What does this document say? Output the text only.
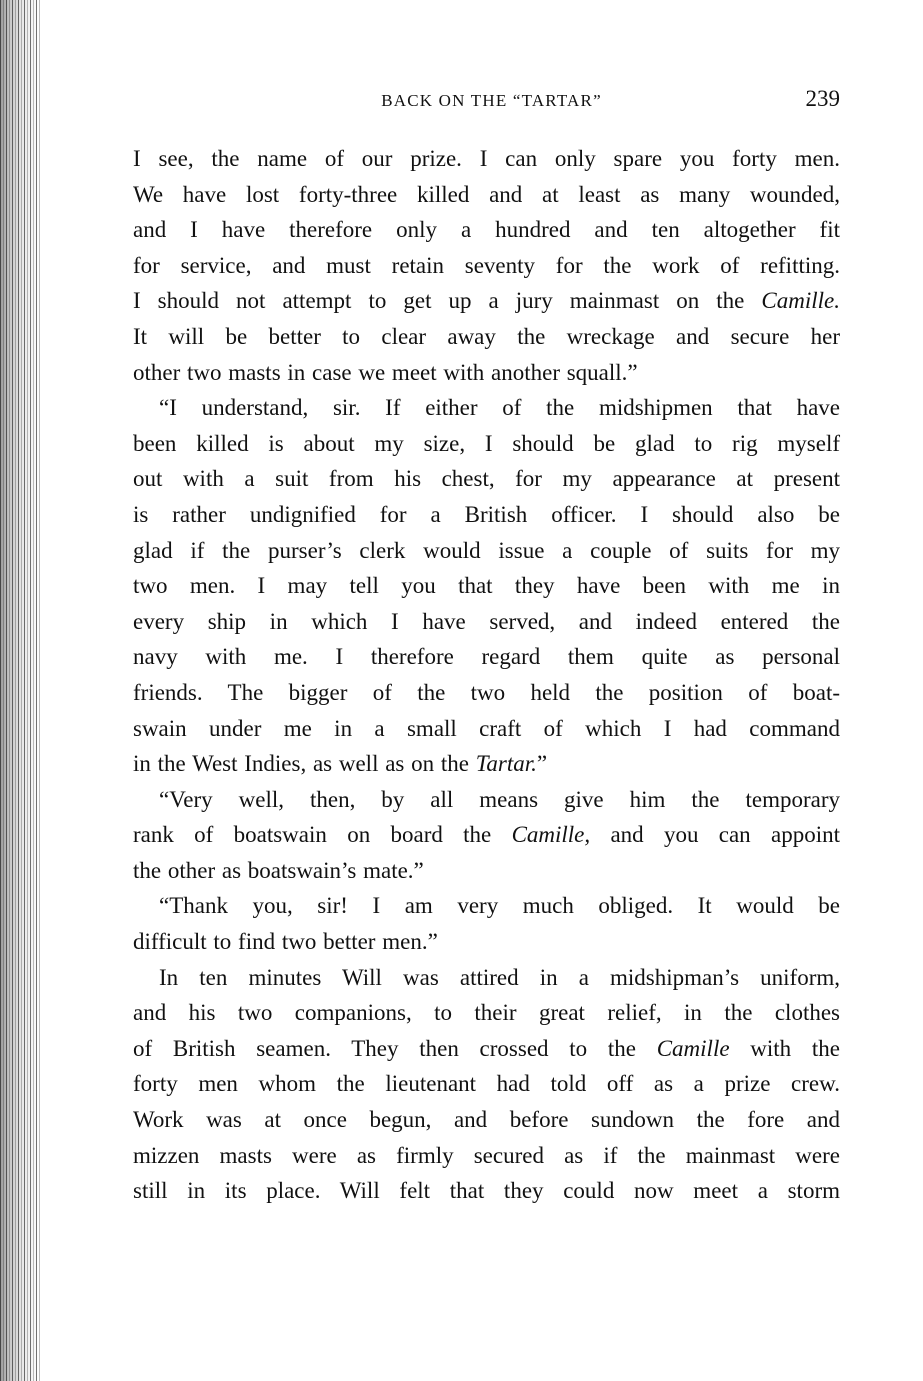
BACK ON THE “TARTAR”	239
I see, the name of our prize. I can only spare you forty men.
We have lost forty-three killed and at least as many wounded,
and I have therefore only a hundred and ten altogether fit
for service, and must retain seventy for the work of refitting.
I should not attempt to get up a jury mainmast on the Camille.
It will be better to clear away the wreckage and secure her
other two masts in case we meet with another squall.”
“I understand, sir. If either of the midshipmen that have
been killed is about my size, I should be glad to rig myself
out with a suit from his chest, for my appearance at present
is rather undignified for a British officer. I should also be
glad if the purser’s clerk would issue a couple of suits for my
two men. I may tell you that they have been with me in
every ship in which I have served, and indeed entered the
navy with me. I therefore regard them quite as personal
friends. The bigger of the two held the position of boat-
swain under me in a small craft of which I had command
in the West Indies, as well as on the Tartar.”
“Very well, then, by all means give him the temporary
rank of boatswain on board the Camille, and you can appoint
the other as boatswain’s mate.”
“Thank you, sir! I am very much obliged. It would be
difficult to find two better men.”
In ten minutes Will was attired in a midshipman’s uniform,
and his two companions, to their great relief, in the clothes
of British seamen. They then crossed to the Camille with the
forty men whom the lieutenant had told off as a prize crew.
Work was at once begun, and before sundown the fore and
mizzen masts were as firmly secured as if the mainmast were
still in its place. Will felt that they could now meet a storm
